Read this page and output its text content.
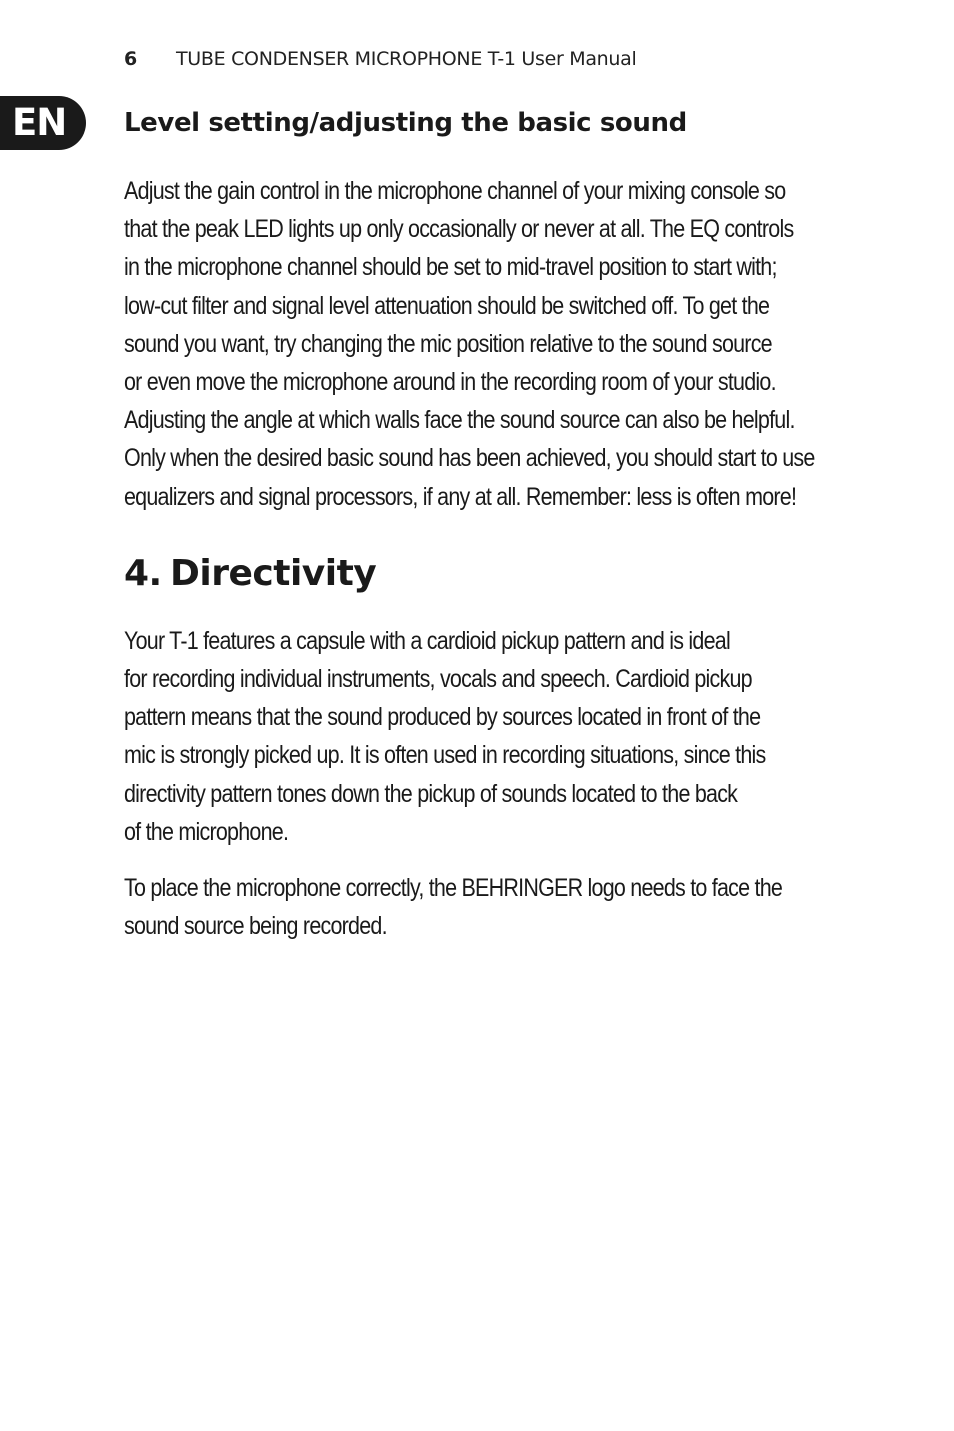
6 TUBE CONDENSER MICROPHONE T-1 User Manual
EN	Level setting/adjusting the basic sound
Adjust the gain control in the microphone channel of your mixing console so
that the peak LED lights up only occasionally or never at all. The EQ controls
in the microphone channel should be set to mid-travel position to start with;
low-cut filter and signal level attenuation should be switched off. To get the
sound you want, try changing the mic position relative to the sound source
or even move the microphone around in the recording room of your studio.
Adjusting the angle at which walls face the sound source can also be helpful.
Only when the desired basic sound has been achieved, you should start to use
equalizers and signal processors, if any at all. Remember: less is often more!
4. Directivity
Your T-1 features a capsule with a cardioid pickup pattern and is ideal
for recording individual instruments, vocals and speech. Cardioid pickup
pattern means that the sound produced by sources located in front of the
mic is strongly picked up. It is often used in recording situations, since this
directivity pattern tones down the pickup of sounds located to the back
of the microphone.
To place the microphone correctly, the BEHRINGER logo needs to face the
sound source being recorded.
